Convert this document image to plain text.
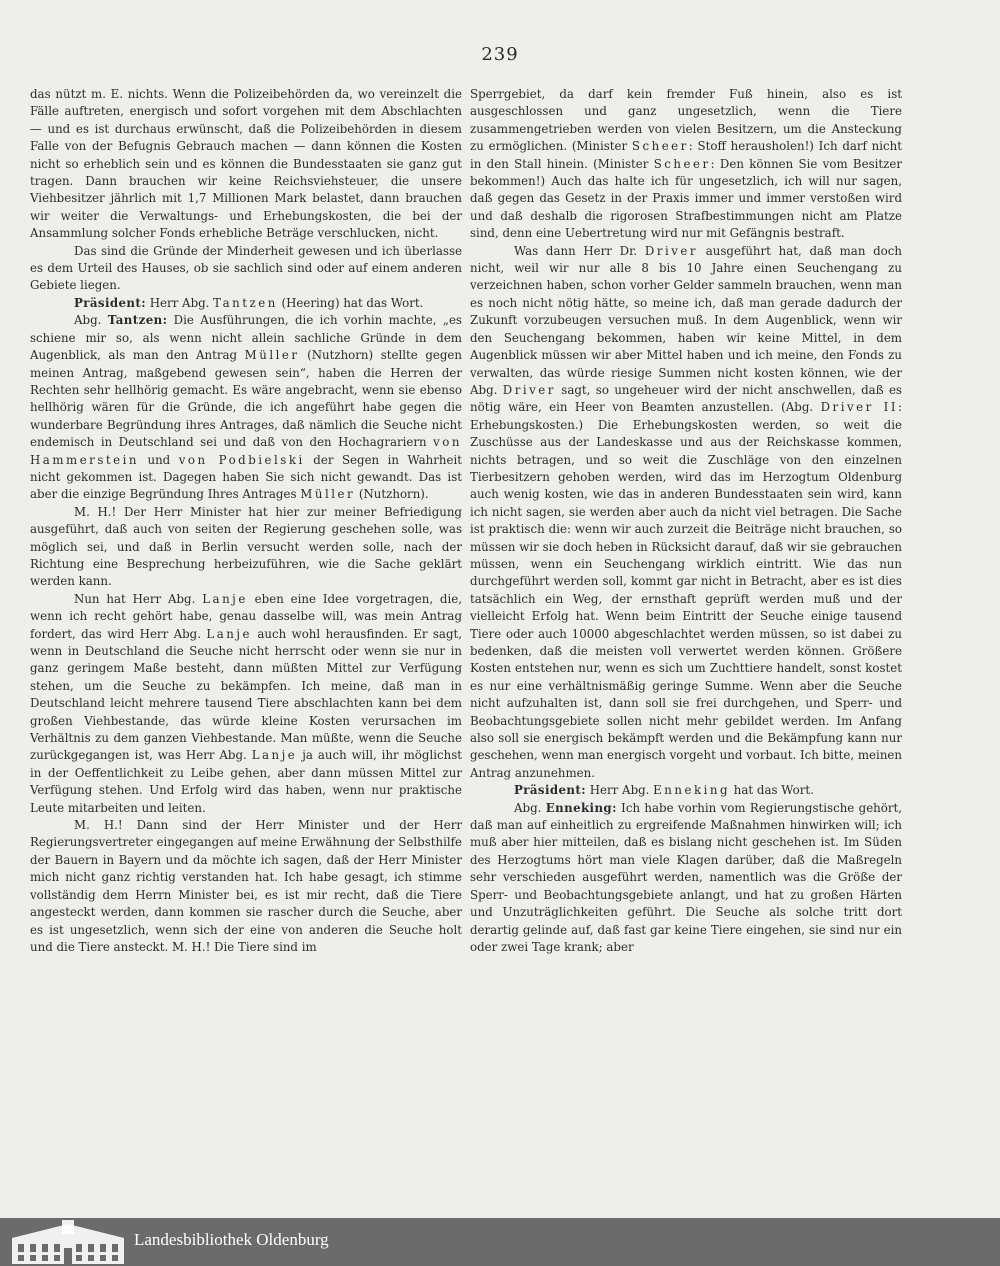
239

das nützt m. E. nichts. Wenn die Polizeibehörden da, wo vereinzelt die Fälle auftreten, energisch und sofort vorgehen mit dem Abschlachten — und es ist durchaus erwünscht, daß die Polizeibehörden in diesem Falle von der Befugnis Gebrauch machen — dann können die Kosten nicht so erheblich sein und es können die Bundesstaaten sie ganz gut tragen. Dann brauchen wir keine Reichsviehsteuer, die unsere Viehbesitzer jährlich mit 1,7 Millionen Mark belastet, dann brauchen wir weiter die Verwaltungs- und Erhebungskosten, die bei der Ansammlung solcher Fonds erhebliche Beträge verschlucken, nicht.

Das sind die Gründe der Minderheit gewesen und ich überlasse es dem Urteil des Hauses, ob sie sachlich sind oder auf einem anderen Gebiete liegen.

Präsident: Herr Abg. Tantzen (Heering) hat das Wort.

Abg. Tantzen: Die Ausführungen, die ich vorhin machte, „es schiene mir so, als wenn nicht allein sachliche Gründe in dem Augenblick, als man den Antrag Müller (Nutzhorn) stellte gegen meinen Antrag, maßgebend gewesen sein“, haben die Herren der Rechten sehr hellhörig gemacht. Es wäre angebracht, wenn sie ebenso hellhörig wären für die Gründe, die ich angeführt habe gegen die wunderbare Begründung ihres Antrages, daß nämlich die Seuche nicht endemisch in Deutschland sei und daß von den Hochagrariern von Hammerstein und von Podbielski der Segen in Wahrheit nicht gekommen ist. Dagegen haben Sie sich nicht gewandt. Das ist aber die einzige Begründung Ihres Antrages Müller (Nutzhorn).

M. H.! Der Herr Minister hat hier zur meiner Befriedigung ausgeführt, daß auch von seiten der Regierung geschehen solle, was möglich sei, und daß in Berlin versucht werden solle, nach der Richtung eine Besprechung herbeizuführen, wie die Sache geklärt werden kann.

Nun hat Herr Abg. Lanje eben eine Idee vorgetragen, die, wenn ich recht gehört habe, genau dasselbe will, was mein Antrag fordert, das wird Herr Abg. Lanje auch wohl herausfinden. Er sagt, wenn in Deutschland die Seuche nicht herrscht oder wenn sie nur in ganz geringem Maße besteht, dann müßten Mittel zur Verfügung stehen, um die Seuche zu bekämpfen. Ich meine, daß man in Deutschland leicht mehrere tausend Tiere abschlachten kann bei dem großen Viehbestande, das würde kleine Kosten verursachen im Verhältnis zu dem ganzen Viehbestande. Man müßte, wenn die Seuche zurückgegangen ist, was Herr Abg. Lanje ja auch will, ihr möglichst in der Oeffentlichkeit zu Leibe gehen, aber dann müssen Mittel zur Verfügung stehen. Und Erfolg wird das haben, wenn nur praktische Leute mitarbeiten und leiten.

M. H.! Dann sind der Herr Minister und der Herr Regierungsvertreter eingegangen auf meine Erwähnung der Selbsthilfe der Bauern in Bayern und da möchte ich sagen, daß der Herr Minister mich nicht ganz richtig verstanden hat. Ich habe gesagt, ich stimme vollständig dem Herrn Minister bei, es ist mir recht, daß die Tiere angesteckt werden, dann kommen sie rascher durch die Seuche, aber es ist ungesetzlich, wenn sich der eine von anderen die Seuche holt und die Tiere ansteckt. M. H.! Die Tiere sind im

Sperrgebiet, da darf kein fremder Fuß hinein, also es ist ausgeschlossen und ganz ungesetzlich, wenn die Tiere zusammengetrieben werden von vielen Besitzern, um die Ansteckung zu ermöglichen. (Minister Scheer: Stoff herausholen!) Ich darf nicht in den Stall hinein. (Minister Scheer: Den können Sie vom Besitzer bekommen!) Auch das halte ich für ungesetzlich, ich will nur sagen, daß gegen das Gesetz in der Praxis immer und immer verstoßen wird und daß deshalb die rigorosen Strafbestimmungen nicht am Platze sind, denn eine Uebertretung wird nur mit Gefängnis bestraft.

Was dann Herr Dr. Driver ausgeführt hat, daß man doch nicht, weil wir nur alle 8 bis 10 Jahre einen Seuchengang zu verzeichnen haben, schon vorher Gelder sammeln brauchen, wenn man es noch nicht nötig hätte, so meine ich, daß man gerade dadurch der Zukunft vorzubeugen versuchen muß. In dem Augenblick, wenn wir den Seuchengang bekommen, haben wir keine Mittel, in dem Augenblick müssen wir aber Mittel haben und ich meine, den Fonds zu verwalten, das würde riesige Summen nicht kosten können, wie der Abg. Driver sagt, so ungeheuer wird der nicht anschwellen, daß es nötig wäre, ein Heer von Beamten anzustellen. (Abg. Driver II: Erhebungskosten.) Die Erhebungskosten werden, so weit die Zuschüsse aus der Landeskasse und aus der Reichskasse kommen, nichts betragen, und so weit die Zuschläge von den einzelnen Tierbesitzern gehoben werden, wird das im Herzogtum Oldenburg auch wenig kosten, wie das in anderen Bundesstaaten sein wird, kann ich nicht sagen, sie werden aber auch da nicht viel betragen. Die Sache ist praktisch die: wenn wir auch zurzeit die Beiträge nicht brauchen, so müssen wir sie doch heben in Rücksicht darauf, daß wir sie gebrauchen müssen, wenn ein Seuchengang wirklich eintritt. Wie das nun durchgeführt werden soll, kommt gar nicht in Betracht, aber es ist dies tatsächlich ein Weg, der ernsthaft geprüft werden muß und der vielleicht Erfolg hat. Wenn beim Eintritt der Seuche einige tausend Tiere oder auch 10000 abgeschlachtet werden müssen, so ist dabei zu bedenken, daß die meisten voll verwertet werden können. Größere Kosten entstehen nur, wenn es sich um Zuchttiere handelt, sonst kostet es nur eine verhältnismäßig geringe Summe. Wenn aber die Seuche nicht aufzuhalten ist, dann soll sie frei durchgehen, und Sperr- und Beobachtungsgebiete sollen nicht mehr gebildet werden. Im Anfang also soll sie energisch bekämpft werden und die Bekämpfung kann nur geschehen, wenn man energisch vorgeht und vorbaut. Ich bitte, meinen Antrag anzunehmen.

Präsident: Herr Abg. Enneking hat das Wort.

Abg. Enneking: Ich habe vorhin vom Regierungstische gehört, daß man auf einheitlich zu ergreifende Maßnahmen hinwirken will; ich muß aber hier mitteilen, daß es bislang nicht geschehen ist. Im Süden des Herzogtums hört man viele Klagen darüber, daß die Maßregeln sehr verschieden ausgeführt werden, namentlich was die Größe der Sperr- und Beobachtungsgebiete anlangt, und hat zu großen Härten und Unzuträglichkeiten geführt. Die Seuche als solche tritt dort derartig gelinde auf, daß fast gar keine Tiere eingehen, sie sind nur ein oder zwei Tage krank; aber

Landesbibliothek Oldenburg
